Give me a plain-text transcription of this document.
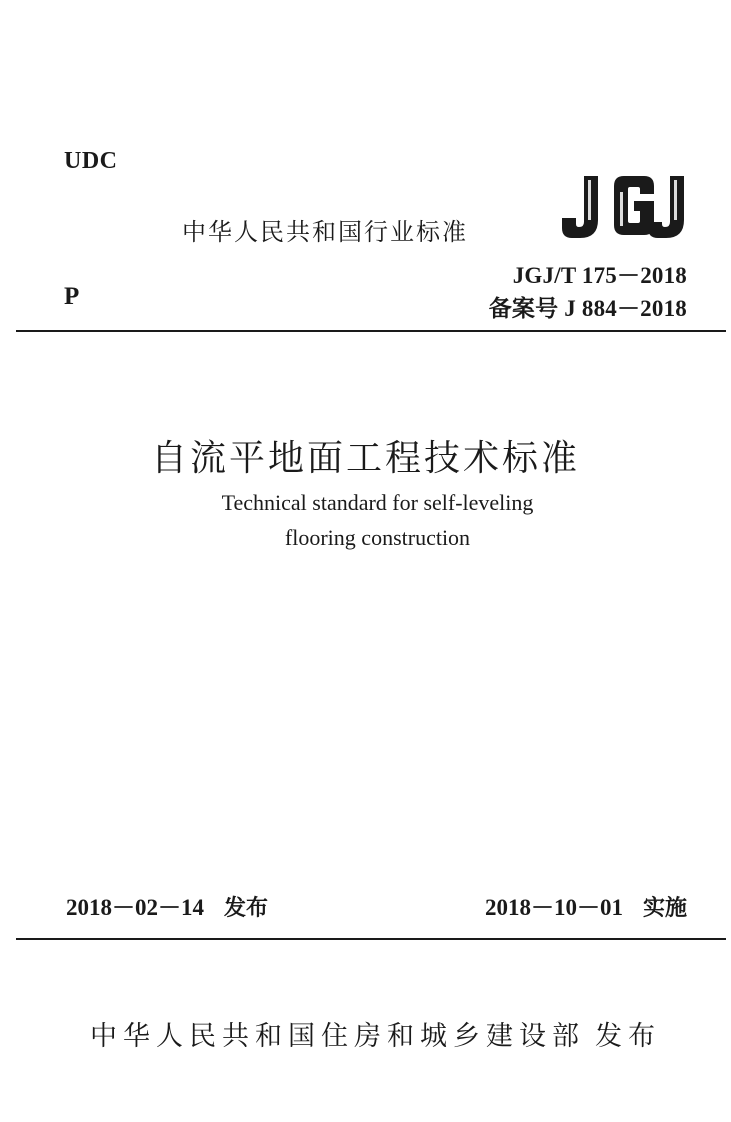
UDC
P
中华人民共和国行业标准
JGJ/T 175－2018
备案号 J 884－2018
自流平地面工程技术标准
Technical standard for self-leveling
flooring construction
2018－02－14 发布	2018－10－01 实施
中华人民共和国住房和城乡建设部 发布
